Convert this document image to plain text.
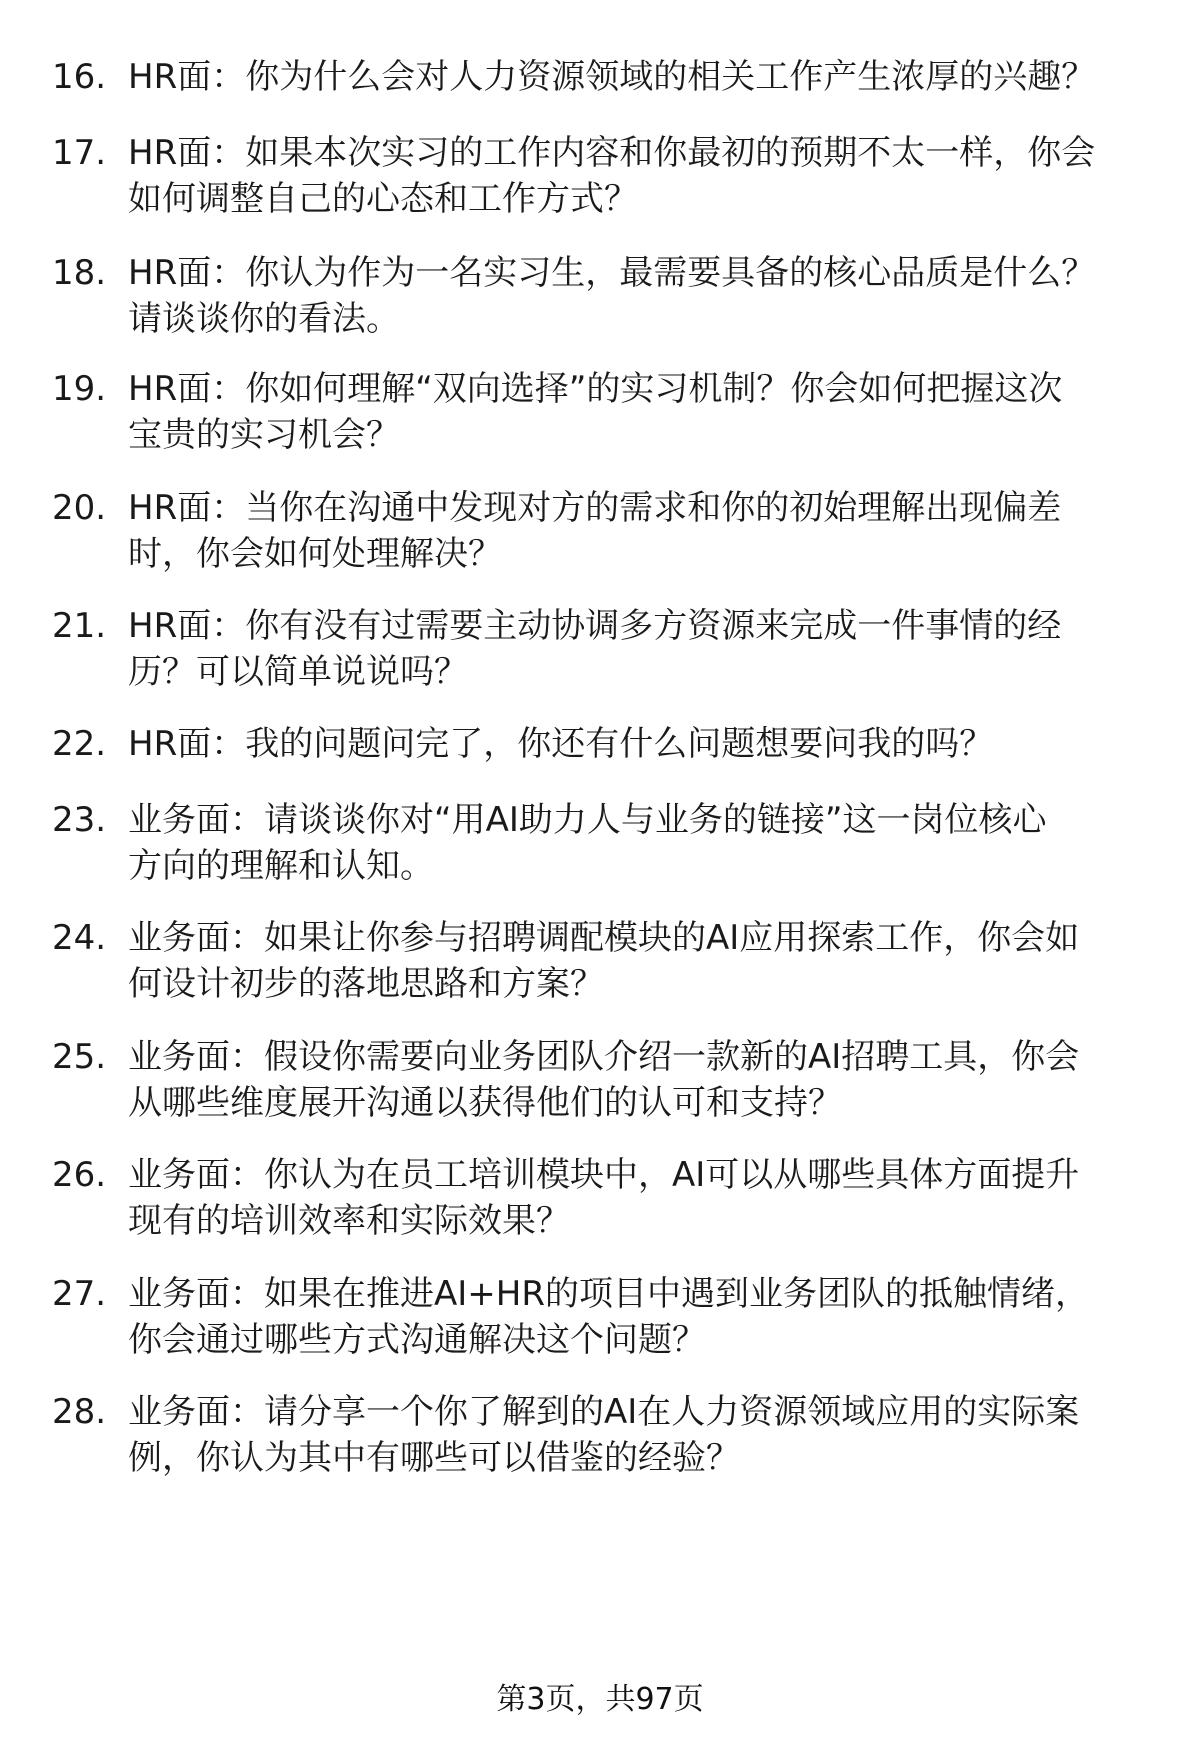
16. HR面：你为什么会对人力资源领域的相关工作产生浓厚的兴趣？
17. HR面：如果本次实习的工作内容和你最初的预期不太一样，你会
如何调整自己的心态和工作方式？
18. HR面：你认为作为一名实习生，最需要具备的核心品质是什么？
请谈谈你的看法。
19. HR面：你如何理解“双向选择”的实习机制？你会如何把握这次
宝贵的实习机会？
20. HR面：当你在沟通中发现对方的需求和你的初始理解出现偏差
时，你会如何处理解决？
21. HR面：你有没有过需要主动协调多方资源来完成一件事情的经
历？可以简单说说吗？
22. HR面：我的问题问完了，你还有什么问题想要问我的吗？
23. 业务面：请谈谈你对“用AI助力人与业务的链接”这一岗位核心
方向的理解和认知。
24. 业务面：如果让你参与招聘调配模块的AI应用探索工作，你会如
何设计初步的落地思路和方案？
25. 业务面：假设你需要向业务团队介绍一款新的AI招聘工具，你会
从哪些维度展开沟通以获得他们的认可和支持？
26. 业务面：你认为在员工培训模块中，AI可以从哪些具体方面提升
现有的培训效率和实际效果？
27. 业务面：如果在推进AI+HR的项目中遇到业务团队的抵触情绪，
你会通过哪些方式沟通解决这个问题？
28. 业务面：请分享一个你了解到的AI在人力资源领域应用的实际案
例，你认为其中有哪些可以借鉴的经验？
第3页，共97页
